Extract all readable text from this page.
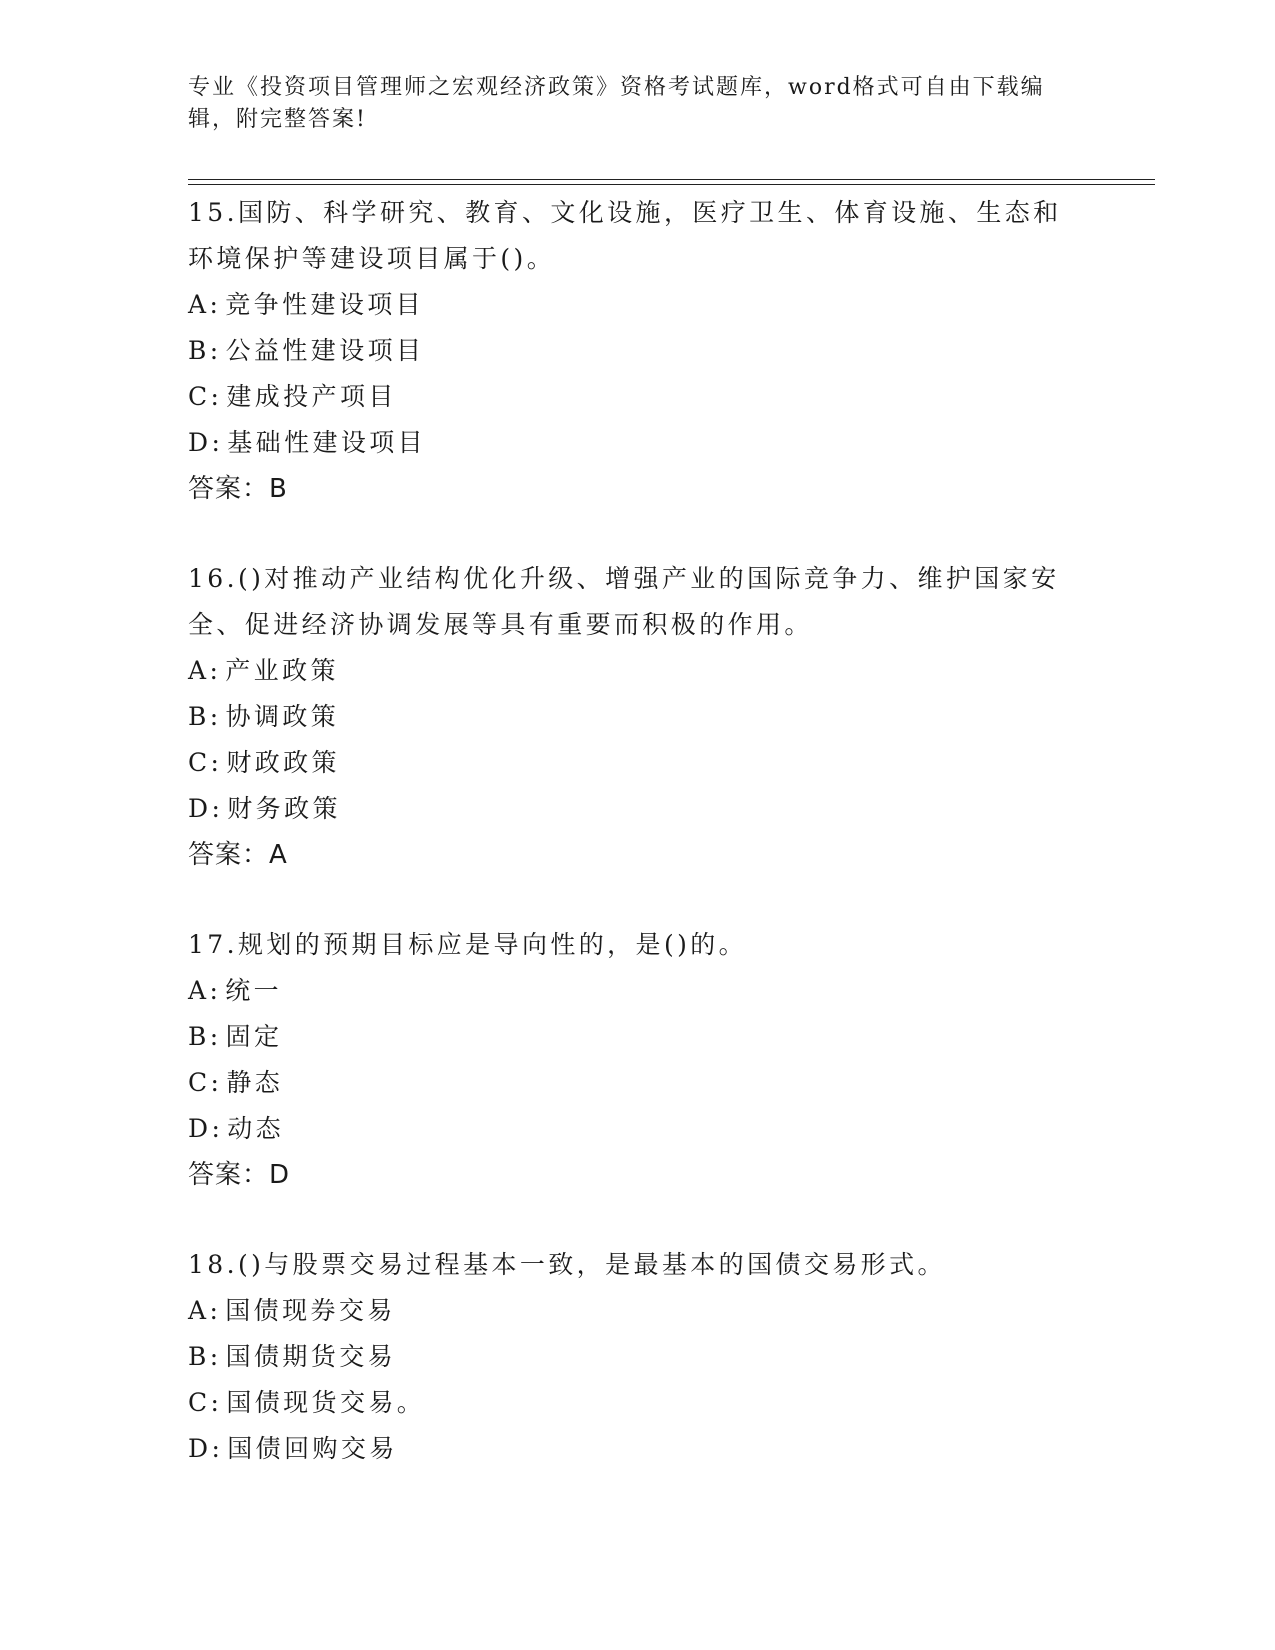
专业《投资项目管理师之宏观经济政策》资格考试题库，word格式可自由下载编辑，附完整答案!
15.国防、科学研究、教育、文化设施，医疗卫生、体育设施、生态和环境保护等建设项目属于()。
A: 竞争性建设项目
B: 公益性建设项目
C: 建成投产项目
D: 基础性建设项目
答案：B
16.()对推动产业结构优化升级、增强产业的国际竞争力、维护国家安全、促进经济协调发展等具有重要而积极的作用。
A: 产业政策
B: 协调政策
C: 财政政策
D: 财务政策
答案：A
17.规划的预期目标应是导向性的，是()的。
A: 统一
B: 固定
C: 静态
D: 动态
答案：D
18.()与股票交易过程基本一致，是最基本的国债交易形式。
A: 国债现券交易
B: 国债期货交易
C: 国债现货交易。
D: 国债回购交易
